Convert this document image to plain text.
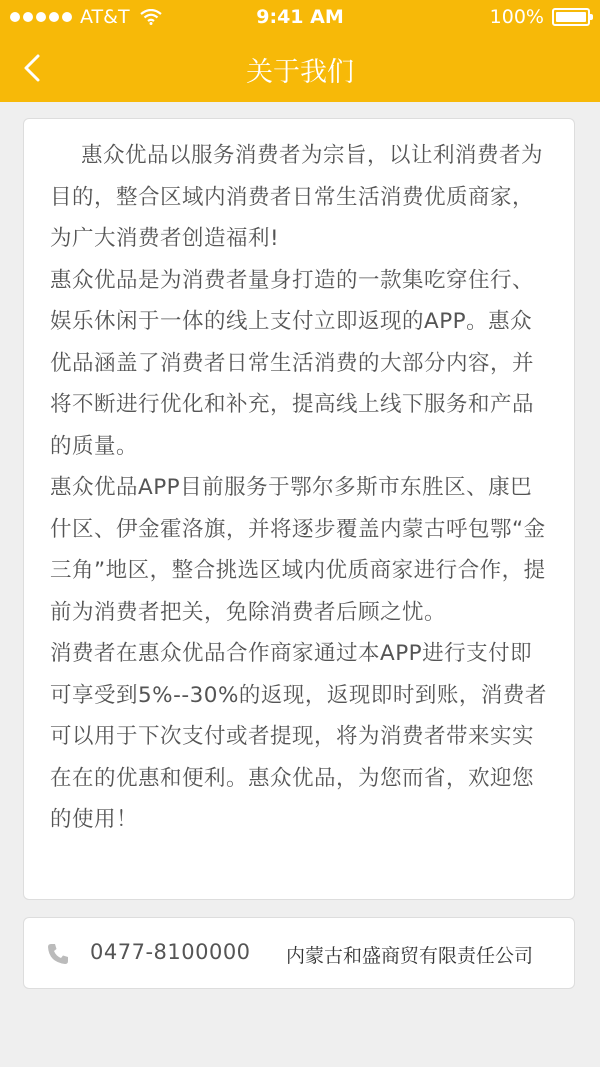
AT&T	9:41 AM	100%
关于我们

惠众优品以服务消费者为宗旨，以让利消费者为目的，整合区域内消费者日常生活消费优质商家，为广大消费者创造福利!

惠众优品是为消费者量身打造的一款集吃穿住行、娱乐休闲于一体的线上支付立即返现的APP。惠众优品涵盖了消费者日常生活消费的大部分内容，并将不断进行优化和补充，提高线上线下服务和产品的质量。

惠众优品APP目前服务于鄂尔多斯市东胜区、康巴什区、伊金霍洛旗，并将逐步覆盖内蒙古呼包鄂“金三角”地区，整合挑选区域内优质商家进行合作，提前为消费者把关，免除消费者后顾之忧。

消费者在惠众优品合作商家通过本APP进行支付即可享受到5%--30%的返现，返现即时到账，消费者可以用于下次支付或者提现，将为消费者带来实实在在的优惠和便利。惠众优品，为您而省，欢迎您的使用！

0477-8100000 内蒙古和盛商贸有限责任公司
